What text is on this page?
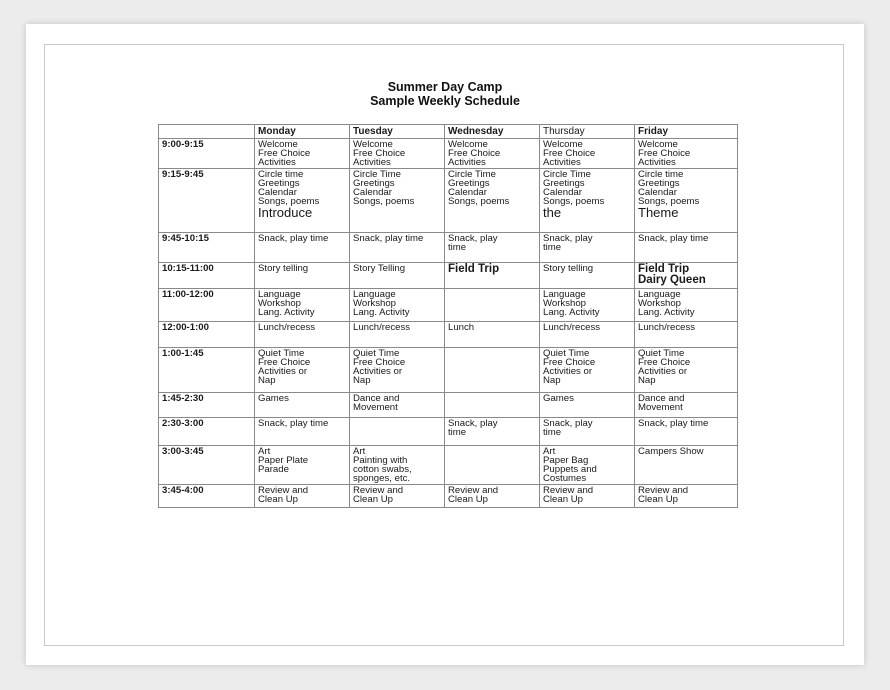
Summer Day Camp
Sample Weekly Schedule
	Monday	Tuesday	Wednesday	Thursday	Friday
9:00-9:15	Welcome
Free Choice
Activities	Welcome
Free Choice
Activities	Welcome
Free Choice
Activities	Welcome
Free Choice
Activities	Welcome
Free Choice
Activities
9:15-9:45	Circle time
Greetings
Calendar
Songs, poems
Introduce	Circle Time
Greetings
Calendar
Songs, poems	Circle Time
Greetings
Calendar
Songs, poems	Circle Time
Greetings
Calendar
Songs, poems
the	Circle time
Greetings
Calendar
Songs, poems
Theme

9:45-10:15	Snack, play time	Snack, play time	Snack, play
time	Snack, play
time	Snack, play time
10:15-11:00	Story telling	Story Telling	Field Trip	Story telling	Field Trip
Dairy Queen
11:00-12:00	Language
Workshop
Lang. Activity	Language
Workshop
Lang. Activity		Language
Workshop
Lang. Activity	Language
Workshop
Lang. Activity
12:00-1:00	Lunch/recess	Lunch/recess	Lunch	Lunch/recess	Lunch/recess
1:00-1:45	Quiet Time
Free Choice
Activities or
Nap	Quiet Time
Free Choice
Activities or
Nap		Quiet Time
Free Choice
Activities or
Nap	Quiet Time
Free Choice
Activities or
Nap
1:45-2:30	Games	Dance and
Movement		Games	Dance and
Movement
2:30-3:00	Snack, play time		Snack, play
time	Snack, play
time	Snack, play time
3:00-3:45	Art
Paper Plate
Parade	Art
Painting with
cotton swabs,
sponges, etc.		Art
Paper Bag
Puppets and
Costumes	Campers Show
3:45-4:00	Review and
Clean Up	Review and
Clean Up	Review and
Clean Up	Review and
Clean Up	Review and
Clean Up
